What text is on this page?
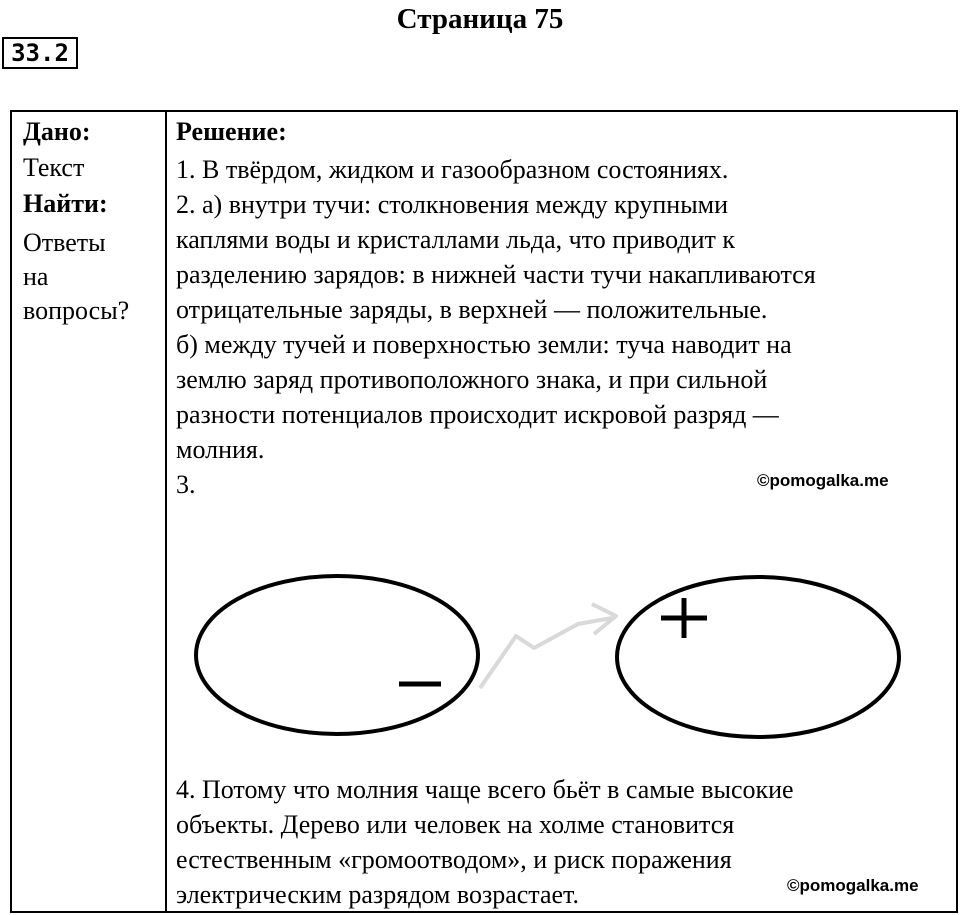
Страница 75
33.2
Дано:
Текст
Найти:
Ответы
на
вопросы?
Решение:

1. В твёрдом, жидком и газообразном состояниях.

2. а) внутри тучи: столкновения между крупными
каплями воды и кристаллами льда, что приводит к
разделению зарядов: в нижней части тучи накапливаются
отрицательные заряды, в верхней — положительные.

б) между тучей и поверхностью земли: туча наводит на
землю заряд противоположного знака, и при сильной
разности потенциалов происходит искровой разряд —
молния.

3.	©pomogalka.me

4. Потому что молния чаще всего бьёт в самые высокие
объекты. Дерево или человек на холме становится
естественным «громоотводом», и риск поражения
электрическим разрядом возрастает.	©pomogalka.me
